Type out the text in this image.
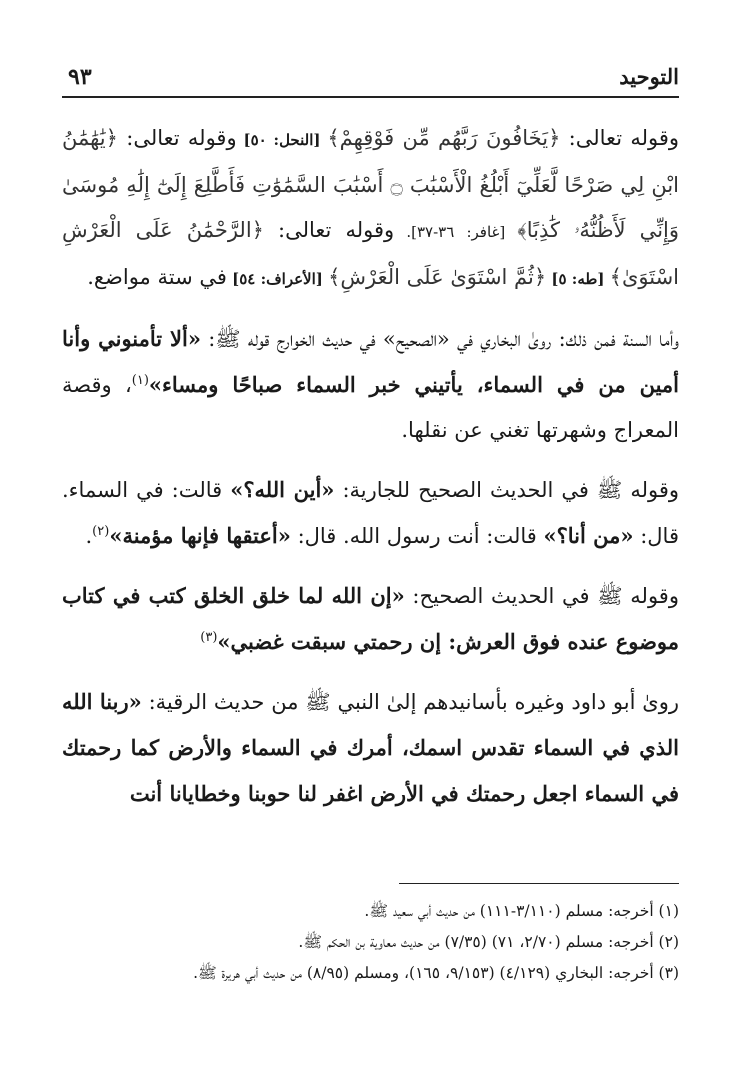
التوحيد
٩٣

وقوله تعالى: ﴿يَخَافُونَ رَبَّهُم مِّن فَوْقِهِمْ﴾ [النحل: ٥٠] وقوله تعالى: ﴿يَٰهَٰمَٰنُ ابْنِ لِي صَرْحًا لَّعَلِّيٓ أَبْلُغُ الْأَسْبَٰبَ ۝ أَسْبَٰبَ السَّمَٰوَٰتِ فَأَطَّلِعَ إِلَىٰٓ إِلَٰهِ مُوسَىٰ وَإِنِّي لَأَظُنُّهُۥ كَٰذِبًا﴾ [غافر: ٣٦-٣٧]. وقوله تعالى: ﴿الرَّحْمَٰنُ عَلَى الْعَرْشِ اسْتَوَىٰ﴾ [طه: ٥] ﴿ثُمَّ اسْتَوَىٰ عَلَى الْعَرْشِ﴾ [الأعراف: ٥٤] في ستة مواضع.

وأما السنة فمن ذلك: روىٰ البخاري في «الصحيح» في حديث الخوارج قوله ﷺ: «ألا تأمنوني وأنا أمين من في السماء، يأتيني خبر السماء صباحًا ومساء»$^{(١)}$، وقصة المعراج وشهرتها تغني عن نقلها.

وقوله ﷺ في الحديث الصحيح للجارية: «أين الله؟» قالت: في السماء. قال: «من أنا؟» قالت: أنت رسول الله. قال: «أعتقها فإنها مؤمنة»$^{(٢)}$.

وقوله ﷺ في الحديث الصحيح: «إن الله لما خلق الخلق كتب في كتاب موضوع عنده فوق العرش: إن رحمتي سبقت غضبي»$^{(٣)}$

روىٰ أبو داود وغيره بأسانيدهم إلىٰ النبي ﷺ من حديث الرقية: «ربنا الله الذي في السماء تقدس اسمك، أمرك في السماء والأرض كما رحمتك في السماء اجعل رحمتك في الأرض اغفر لنا حوبنا وخطايانا أنت

(١) أخرجه: مسلم (٣/١١٠-١١١) من حديث أبي سعيد ﷺ.

(٢) أخرجه: مسلم (٢/٧٠، ٧١) (٧/٣٥) من حديث معاوية بن الحكم ﷺ.

(٣) أخرجه: البخاري (٤/١٢٩) (٩/١٥٣، ١٦٥)، ومسلم (٨/٩٥) من حديث أبي هريرة ﷺ.
